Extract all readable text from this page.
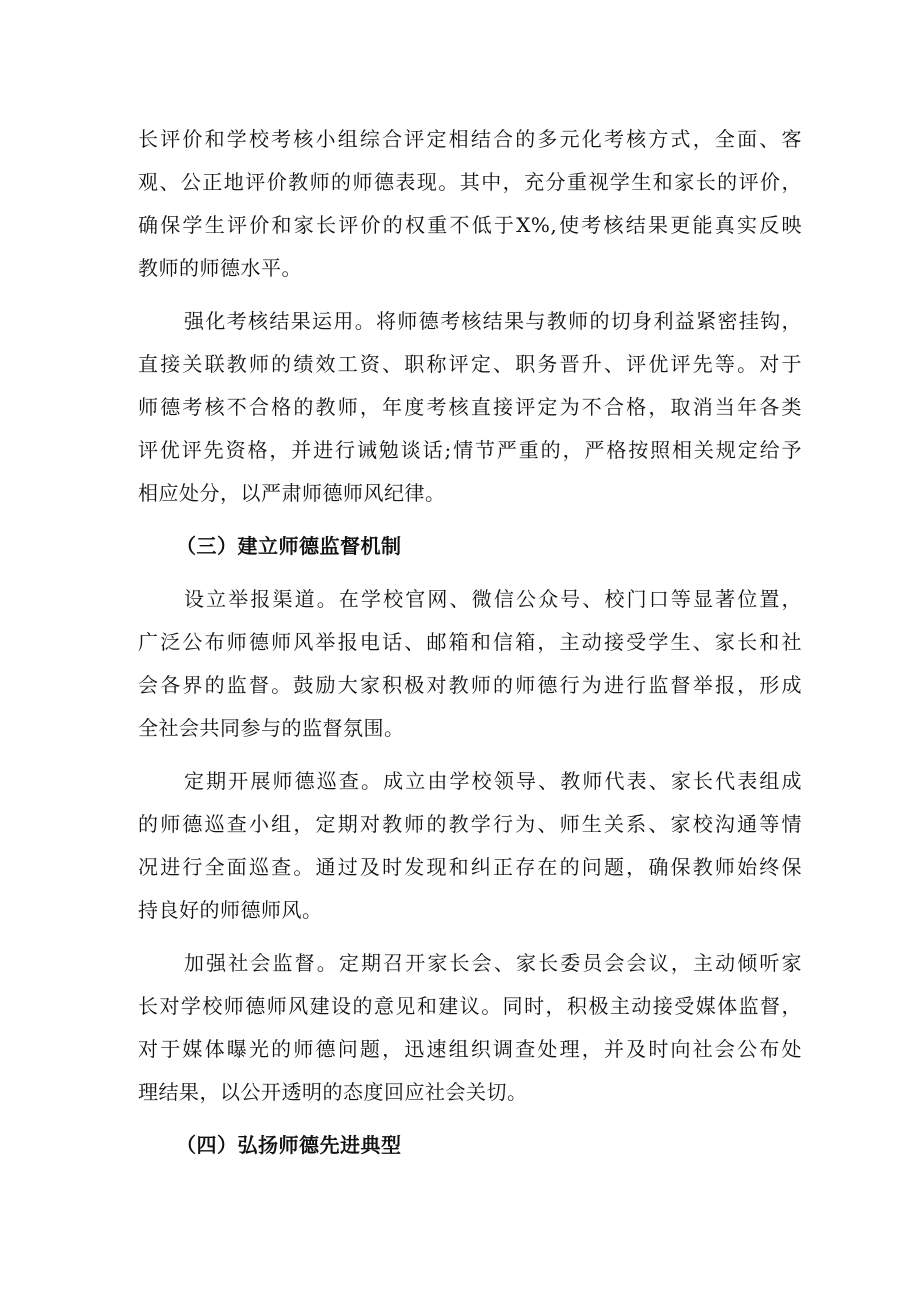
长评价和学校考核小组综合评定相结合的多元化考核方式，全面、客
观、公正地评价教师的师德表现。其中，充分重视学生和家长的评价，
确保学生评价和家长评价的权重不低于X%,使考核结果更能真实反映
教师的师德水平。
强化考核结果运用。将师德考核结果与教师的切身利益紧密挂钩，
直接关联教师的绩效工资、职称评定、职务晋升、评优评先等。对于
师德考核不合格的教师，年度考核直接评定为不合格，取消当年各类
评优评先资格，并进行诫勉谈话;情节严重的，严格按照相关规定给予
相应处分，以严肃师德师风纪律。
（三）建立师德监督机制
设立举报渠道。在学校官网、微信公众号、校门口等显著位置，
广泛公布师德师风举报电话、邮箱和信箱，主动接受学生、家长和社
会各界的监督。鼓励大家积极对教师的师德行为进行监督举报，形成
全社会共同参与的监督氛围。
定期开展师德巡查。成立由学校领导、教师代表、家长代表组成
的师德巡查小组，定期对教师的教学行为、师生关系、家校沟通等情
况进行全面巡查。通过及时发现和纠正存在的问题，确保教师始终保
持良好的师德师风。
加强社会监督。定期召开家长会、家长委员会会议，主动倾听家
长对学校师德师风建设的意见和建议。同时，积极主动接受媒体监督，
对于媒体曝光的师德问题，迅速组织调查处理，并及时向社会公布处
理结果，以公开透明的态度回应社会关切。
（四）弘扬师德先进典型
